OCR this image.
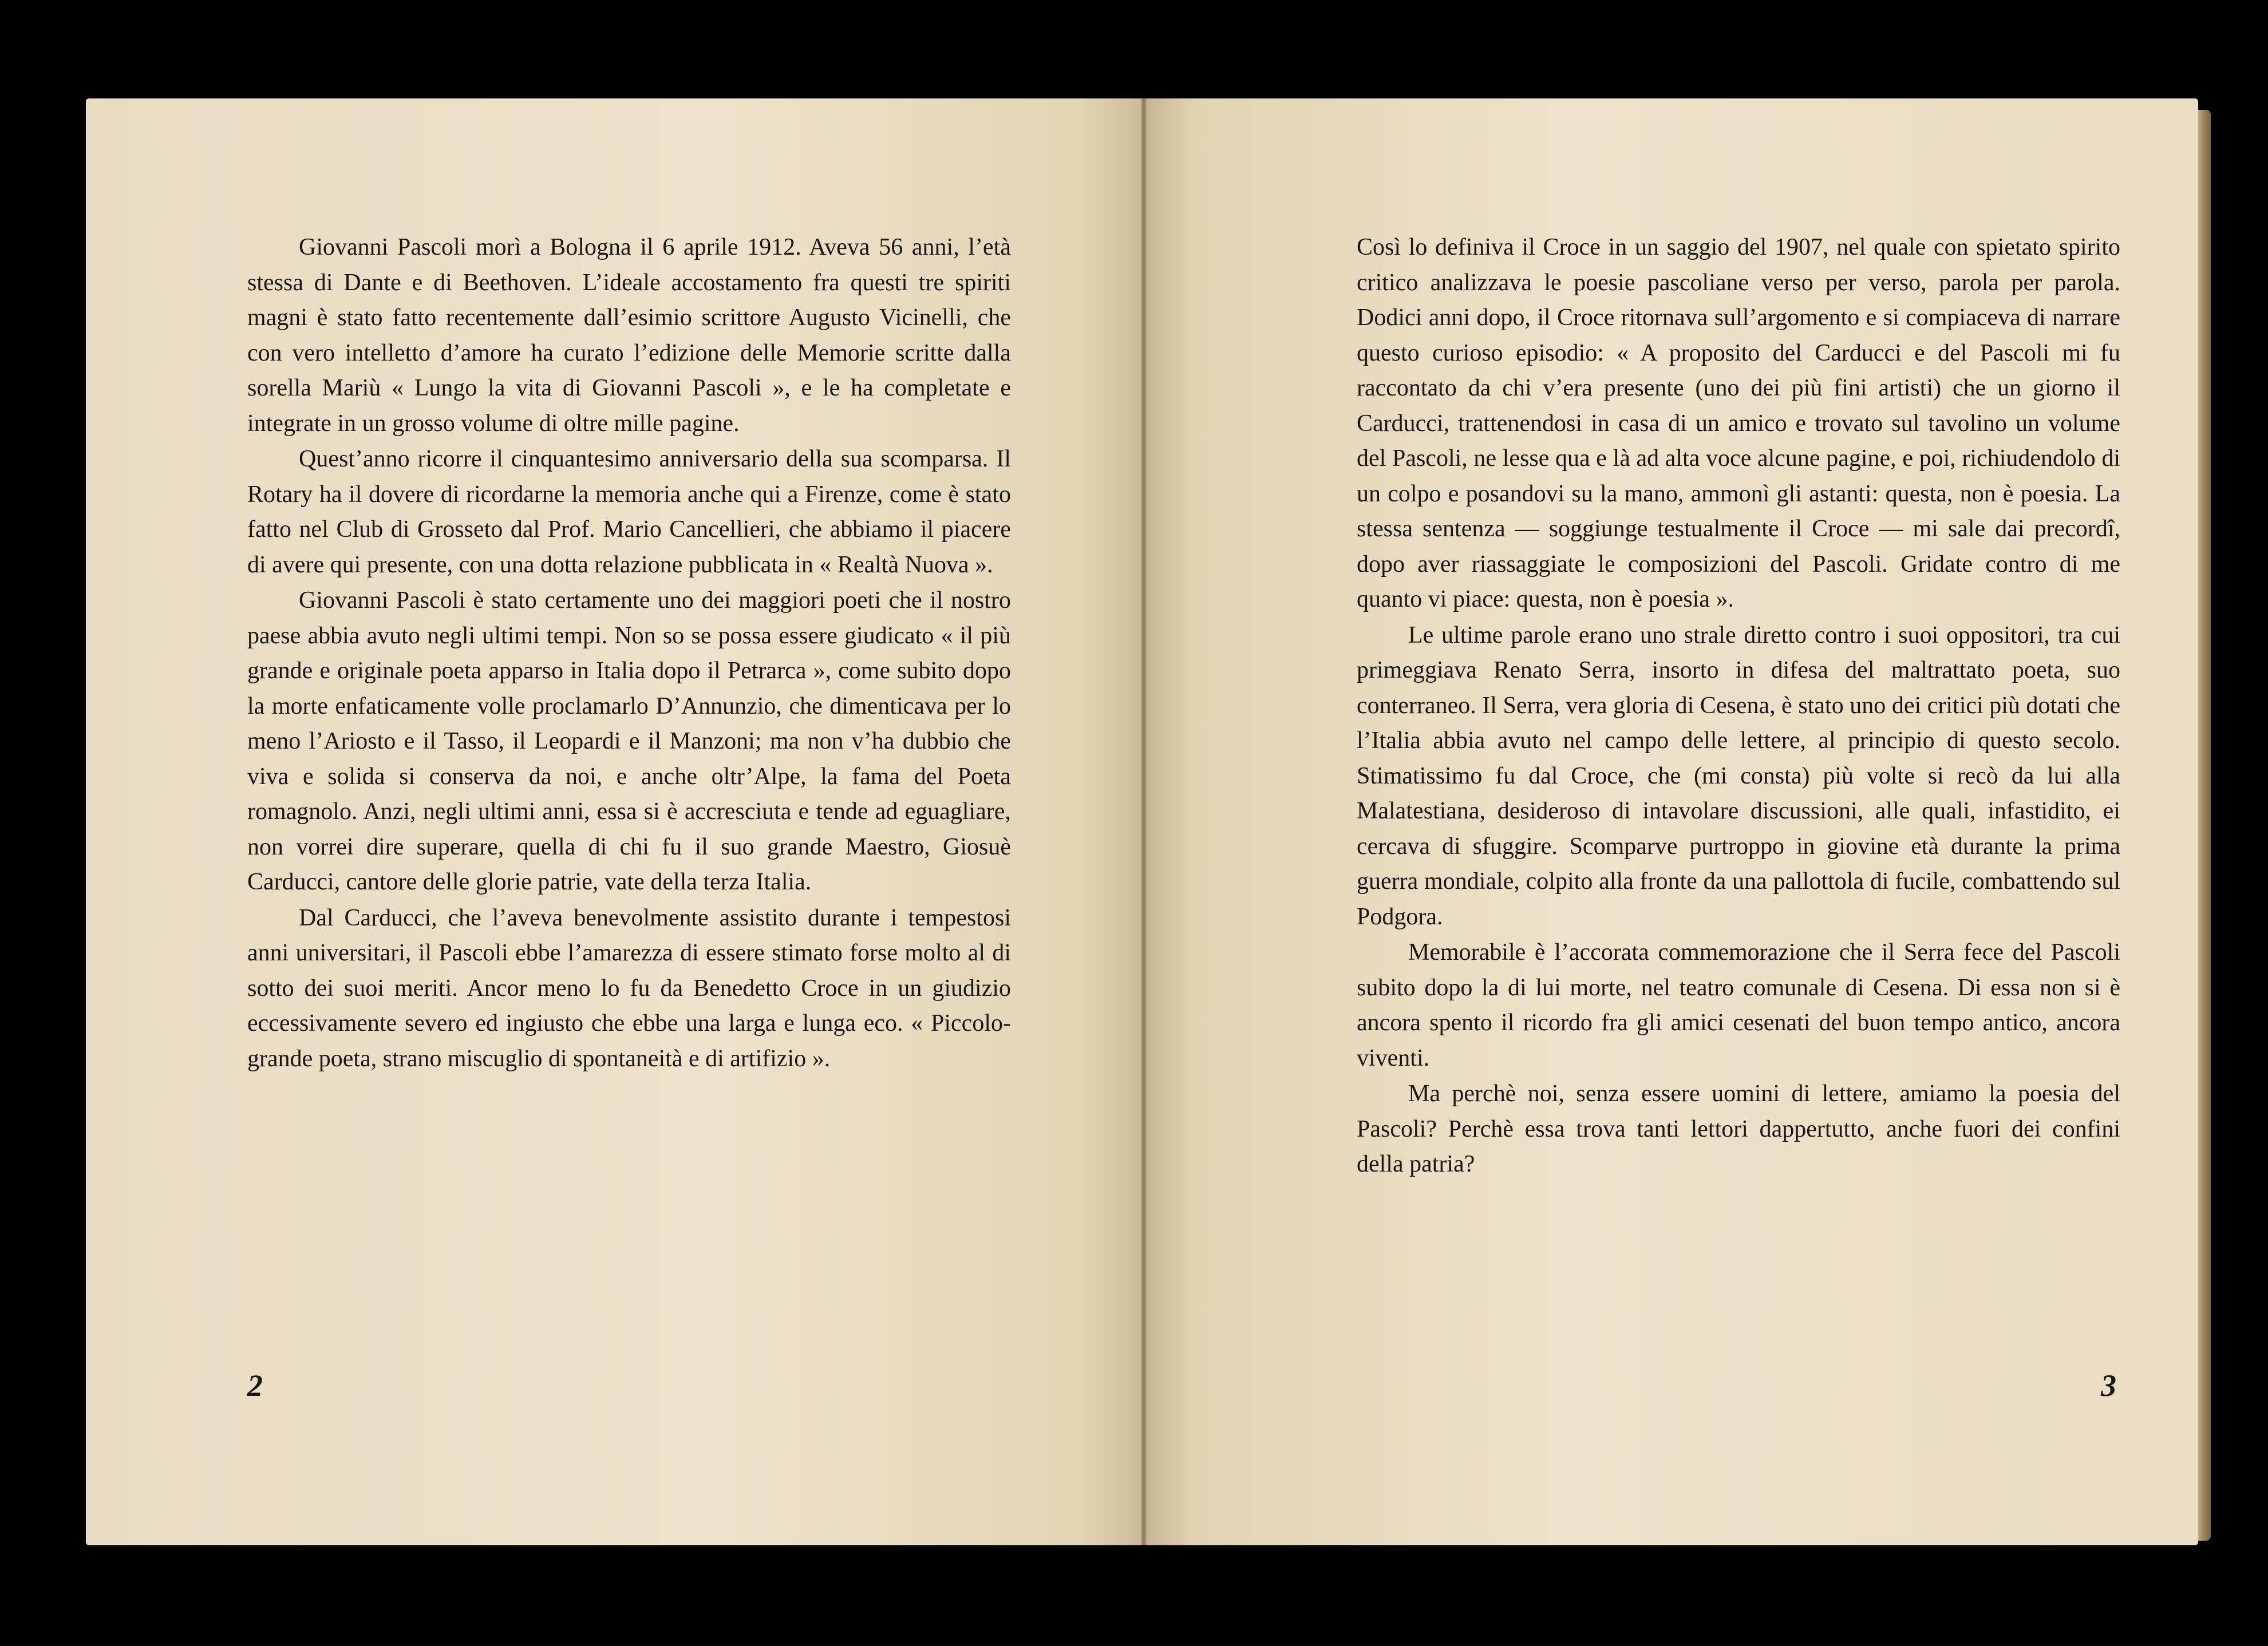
Giovanni Pascoli morì a Bologna il 6 aprile 1912. Aveva 56 anni, l’età stessa di Dante e di Beethoven. L’ideale accostamento fra questi tre spiriti magni è stato fatto recentemente dall’esimio scrittore Augusto Vicinelli, che con vero intelletto d’amore ha curato l’edizione delle Memorie scritte dalla sorella Mariù « Lungo la vita di Giovanni Pascoli », e le ha completate e integrate in un grosso volume di oltre mille pagine.

Quest’anno ricorre il cinquantesimo anniversario della sua scomparsa. Il Rotary ha il dovere di ricordarne la memoria anche qui a Firenze, come è stato fatto nel Club di Grosseto dal Prof. Mario Cancellieri, che abbiamo il piacere di avere qui presente, con una dotta relazione pubblicata in « Realtà Nuova ».

Giovanni Pascoli è stato certamente uno dei maggiori poeti che il nostro paese abbia avuto negli ultimi tempi. Non so se possa essere giudicato « il più grande e originale poeta apparso in Italia dopo il Petrarca », come subito dopo la morte enfaticamente volle proclamarlo D’Annunzio, che dimenticava per lo meno l’Ariosto e il Tasso, il Leopardi e il Manzoni; ma non v’ha dubbio che viva e solida si conserva da noi, e anche oltr’Alpe, la fama del Poeta romagnolo. Anzi, negli ultimi anni, essa si è accresciuta e tende ad eguagliare, non vorrei dire superare, quella di chi fu il suo grande Maestro, Giosuè Carducci, cantore delle glorie patrie, vate della terza Italia.

Dal Carducci, che l’aveva benevolmente assistito durante i tempestosi anni universitari, il Pascoli ebbe l’amarezza di essere stimato forse molto al di sotto dei suoi meriti. Ancor meno lo fu da Benedetto Croce in un giudizio eccessivamente severo ed ingiusto che ebbe una larga e lunga eco. « Piccolo-grande poeta, strano miscuglio di spontaneità e di artifizio ».

2

Così lo definiva il Croce in un saggio del 1907, nel quale con spietato spirito critico analizzava le poesie pascoliane verso per verso, parola per parola. Dodici anni dopo, il Croce ritornava sull’argomento e si compiaceva di narrare questo curioso episodio: « A proposito del Carducci e del Pascoli mi fu raccontato da chi v’era presente (uno dei più fini artisti) che un giorno il Carducci, trattenendosi in casa di un amico e trovato sul tavolino un volume del Pascoli, ne lesse qua e là ad alta voce alcune pagine, e poi, richiudendolo di un colpo e posandovi su la mano, ammonì gli astanti: questa, non è poesia. La stessa sentenza — soggiunge testualmente il Croce — mi sale dai precordî, dopo aver riassaggiate le composizioni del Pascoli. Gridate contro di me quanto vi piace: questa, non è poesia ».

Le ultime parole erano uno strale diretto contro i suoi oppositori, tra cui primeggiava Renato Serra, insorto in difesa del maltrattato poeta, suo conterraneo. Il Serra, vera gloria di Cesena, è stato uno dei critici più dotati che l’Italia abbia avuto nel campo delle lettere, al principio di questo secolo. Stimatissimo fu dal Croce, che (mi consta) più volte si recò da lui alla Malatestiana, desideroso di intavolare discussioni, alle quali, infastidito, ei cercava di sfuggire. Scomparve purtroppo in giovine età durante la prima guerra mondiale, colpito alla fronte da una pallottola di fucile, combattendo sul Podgora.

Memorabile è l’accorata commemorazione che il Serra fece del Pascoli subito dopo la di lui morte, nel teatro comunale di Cesena. Di essa non si è ancora spento il ricordo fra gli amici cesenati del buon tempo antico, ancora viventi.

Ma perchè noi, senza essere uomini di lettere, amiamo la poesia del Pascoli? Perchè essa trova tanti lettori dappertutto, anche fuori dei confini della patria?

3
